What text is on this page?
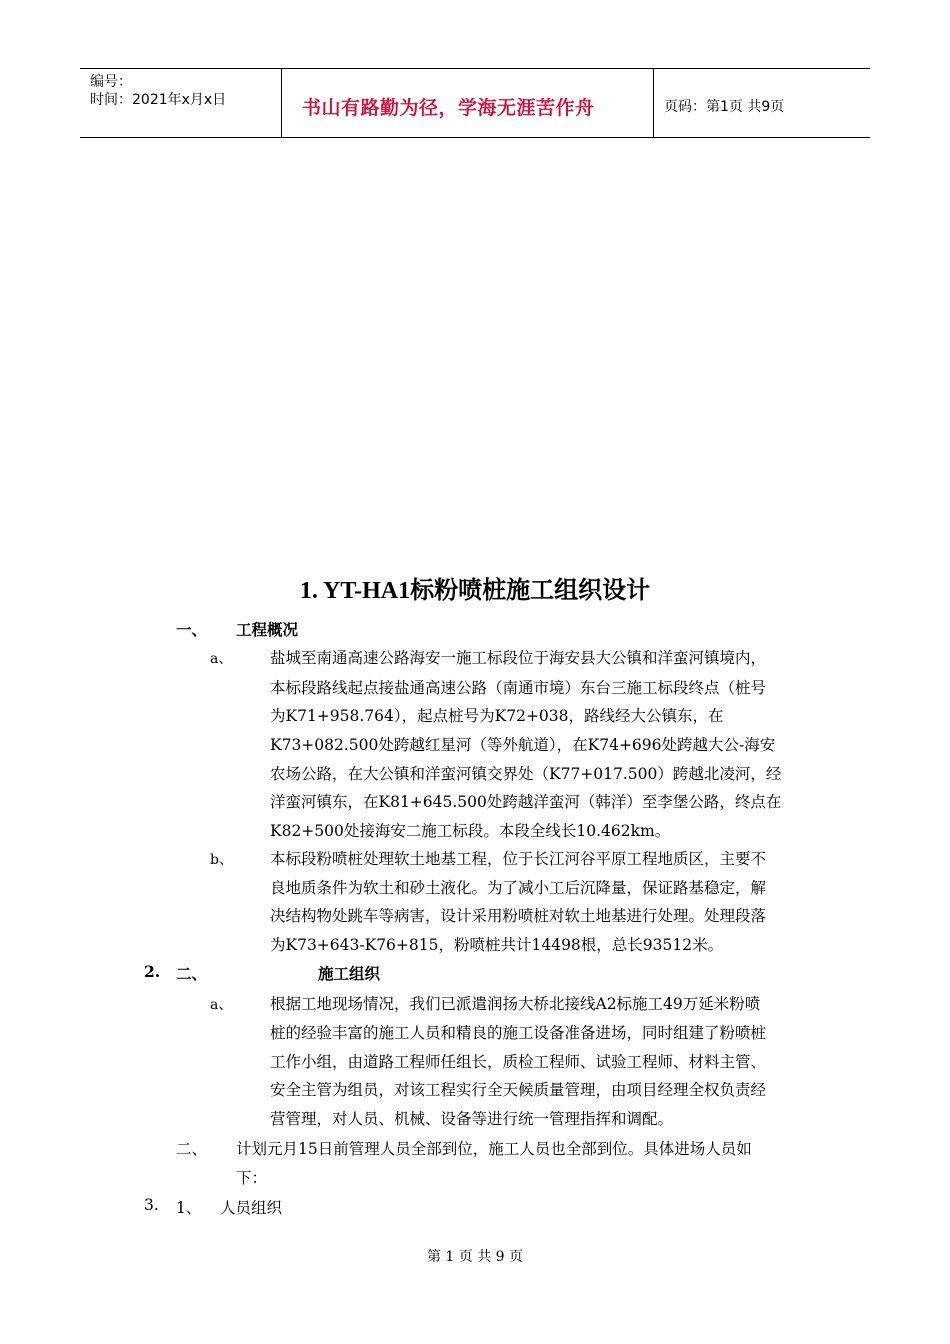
编号：
时间：2021年x月x日	书山有路勤为径，学海无涯苦作舟	页码：第1页 共9页
1. YT-HA1标粉喷桩施工组织设计
一、 工程概况
a、 盐城至南通高速公路海安一施工标段位于海安县大公镇和洋蛮河镇境内，
本标段路线起点接盐通高速公路（南通市境）东台三施工标段终点（桩号
为K71+958.764），起点桩号为K72+038，路线经大公镇东，在
K73+082.500处跨越红星河（等外航道），在K74+696处跨越大公-海安
农场公路，在大公镇和洋蛮河镇交界处（K77+017.500）跨越北凌河，经
洋蛮河镇东，在K81+645.500处跨越洋蛮河（韩洋）至李堡公路，终点在
K82+500处接海安二施工标段。本段全线长10.462km。
b、 本标段粉喷桩处理软土地基工程，位于长江河谷平原工程地质区，主要不
良地质条件为软土和砂土液化。为了减小工后沉降量，保证路基稳定，解
决结构物处跳车等病害，设计采用粉喷桩对软土地基进行处理。处理段落
为K73+643-K76+815，粉喷桩共计14498根，总长93512米。
2. 二、	施工组织
a、 根据工地现场情况，我们已派遣润扬大桥北接线A2标施工49万延米粉喷
桩的经验丰富的施工人员和精良的施工设备准备进场，同时组建了粉喷桩
工作小组，由道路工程师任组长，质检工程师、试验工程师、材料主管、
安全主管为组员，对该工程实行全天候质量管理，由项目经理全权负责经
营管理，对人员、机械、设备等进行统一管理指挥和调配。
二、 计划元月15日前管理人员全部到位，施工人员也全部到位。具体进场人员如
下：
3. 1、 人员组织
第 1 页 共 9 页
